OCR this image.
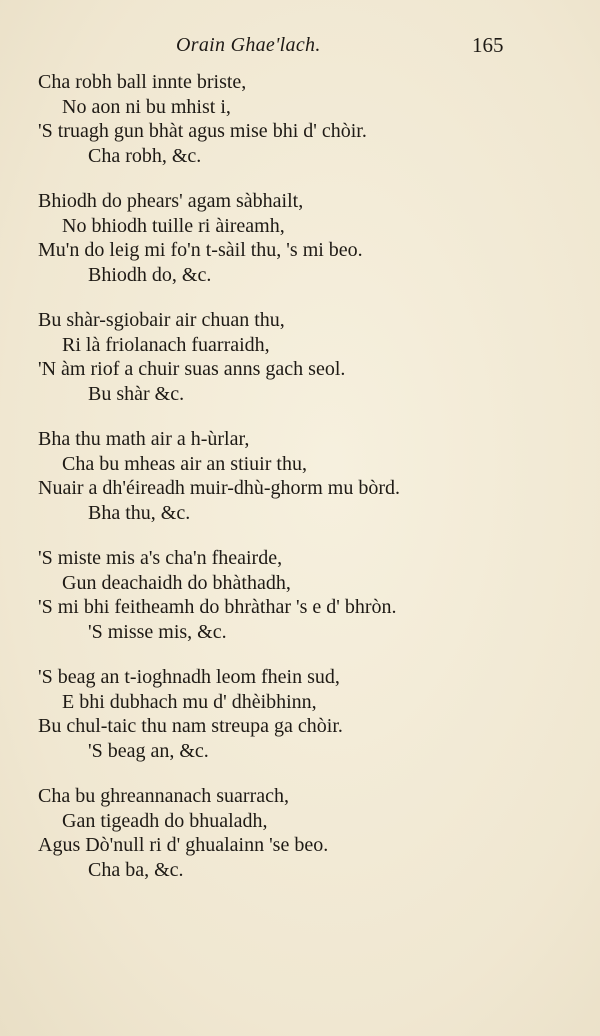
Orain Ghae'lach.	165
Cha robh ball innte briste,
No aon ni bu mhist i,
'S truagh gun bhàt agus mise bhi d' chòir.
Cha robh, &c.
Bhiodh do phears' agam sàbhailt,
No bhiodh tuille ri àireamh,
Mu'n do leig mi fo'n t-sàil thu, 's mi beo.
Bhiodh do, &c.
Bu shàr-sgiobair air chuan thu,
Ri là friolanach fuarraidh,
'N àm riof a chuir suas anns gach seol.
Bu shàr &c.
Bha thu math air a h-ùrlar,
Cha bu mheas air an stiuir thu,
Nuair a dh'éireadh muir-dhù-ghorm mu bòrd.
Bha thu, &c.
'S miste mis a's cha'n fheairde,
Gun deachaidh do bhàthadh,
'S mi bhi feitheamh do bhràthar 's e d' bhròn.
'S misse mis, &c.
'S beag an t-ioghnadh leom fhein sud,
E bhi dubhach mu d' dhèibhinn,
Bu chul-taic thu nam streupa ga chòir.
'S beag an, &c.
Cha bu ghreannanach suarrach,
Gan tigeadh do bhualadh,
Agus Dò'null ri d' ghualainn 'se beo.
Cha ba, &c.
